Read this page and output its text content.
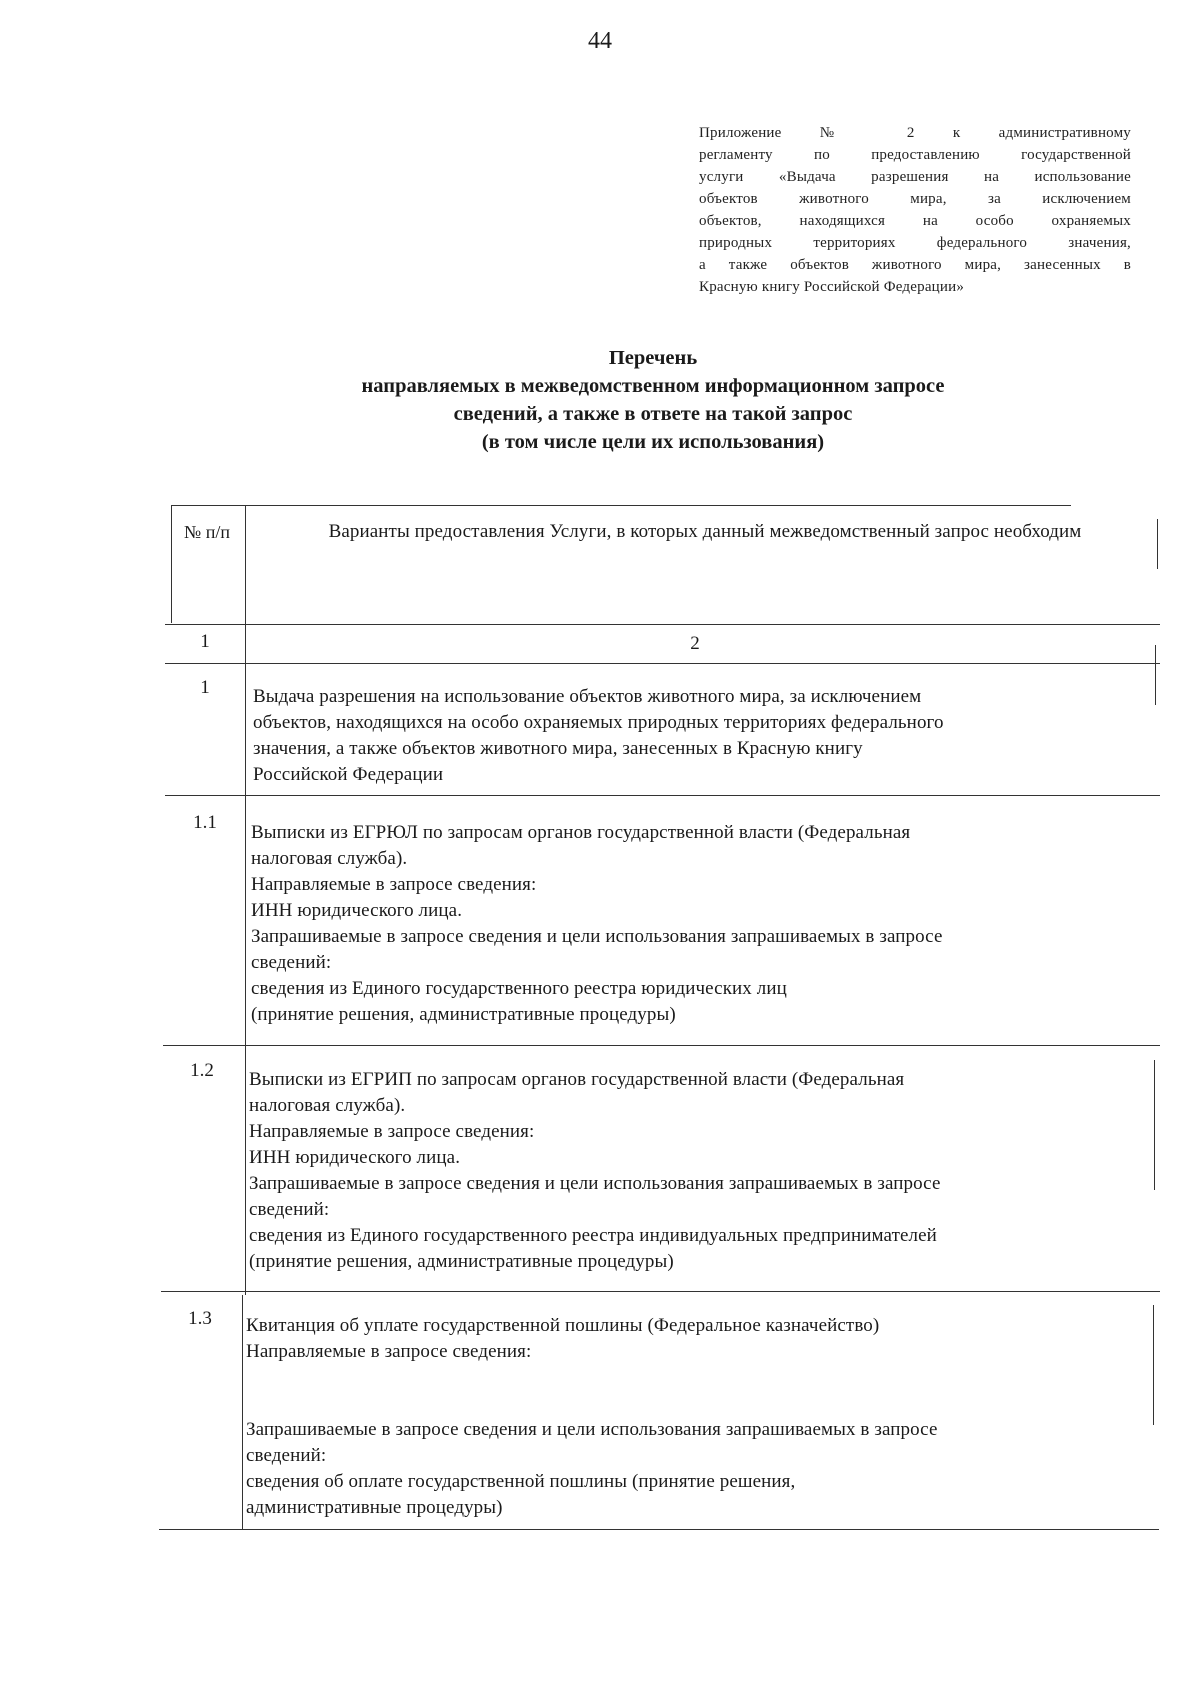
44
Приложение № 2 к административному
регламенту по предоставлению государственной
услуги «Выдача разрешения на использование
объектов животного мира, за исключением
объектов, находящихся на особо охраняемых
природных территориях федерального значения,
а также объектов животного мира, занесенных в
Красную книгу Российской Федерации»
Перечень
направляемых в межведомственном информационном запросе
сведений, а также в ответе на такой запрос
(в том числе цели их использования)
№ п/п	Варианты предоставления Услуги, в которых данный межведомственный запрос необходим
1	2
1	Выдача разрешения на использование объектов животного мира, за исключением
объектов, находящихся на особо охраняемых природных территориях федерального
значения, а также объектов животного мира, занесенных в Красную книгу
Российской Федерации
1.1	Выписки из ЕГРЮЛ по запросам органов государственной власти (Федеральная
налоговая служба).
Направляемые в запросе сведения:
ИНН юридического лица.
Запрашиваемые в запросе сведения и цели использования запрашиваемых в запросе
сведений:
сведения из Единого государственного реестра юридических лиц
(принятие решения, административные процедуры)
1.2	Выписки из ЕГРИП по запросам органов государственной власти (Федеральная
налоговая служба).
Направляемые в запросе сведения:
ИНН юридического лица.
Запрашиваемые в запросе сведения и цели использования запрашиваемых в запросе
сведений:
сведения из Единого государственного реестра индивидуальных предпринимателей
(принятие решения, административные процедуры)
1.3	Квитанция об уплате государственной пошлины (Федеральное казначейство)
Направляемые в запросе сведения:

Запрашиваемые в запросе сведения и цели использования запрашиваемых в запросе
сведений:
сведения об оплате государственной пошлины (принятие решения,
административные процедуры)
